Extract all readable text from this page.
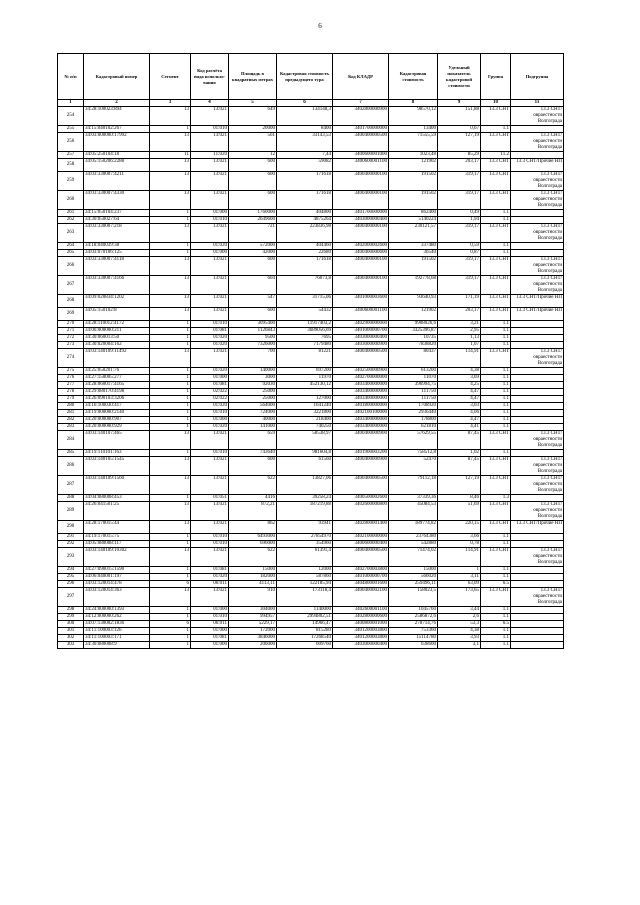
6
№ п/п	Кадастровый номер	Сегмент	Код расчёта вида использо-вания	Площадь в квадратных метрах	Кадастровая стоимость предыдущего тура	Код КЛАДР	Кадастровая стоимость	Удельный показатель кадастровой стоимости	Группа	Подгруппа
1	2	3	4	5	6	7	8	9	10	11
254	34:28:100023:894	13	13:021	649	134148,3	3402800000900	98570,12	151,88	13.3 СНТ	13.3 СНТ/овраестности Волгограда
255	34:15:040102:267	1	01:010	20000	8400	3401700000000	13400	0,67	1.1	
256	34:03:000000:17992	13	13:021	561	33143,53	3400400000500	71555,59	127,19	13.3 СНТ	13.3 СНТ/овраестности Волгограда
257	34:05:250104:18	11	11:020	12	7,44	3400600001000	1023,48	85,29	11.2	
258	34:05:150206:2288	13	13:021	600	59082	3400600001100	121902	203,17	13.3 СНТ	13.3 СНТ/Прочие НП
259	34:03:330007:4211	13	13:021	600	171618	3400400000100	191502	319,17	13.3 СНТ	13.3 СНТ/овраестности Волгограда
260	34:03:330007:4330	13	13:021	600	171618	3400400000100	191502	319,17	13.3 СНТ	13.3 СНТ/овраестности Волгограда
261	34:15:050104:237	1	01:000	1760000	404800	3401700000000	862400	0,49	1.1	
262	34:30:050027:64	1	01:010	2649600	4875264	3403000000400	5140224	1,94	1.1	
263	34:03:330007:218	13	13:021	721	223836,98	3400400000100	230121,57	319,17	13.3 СНТ	13.3 СНТ/овраестности Волгограда
264	34:18:040039:38	1	01:020	572000	404460	3402000002600	337480	0,59	1.1	
265	34:03:070106:125	1	01:000	42000	22680	3400400000600	36540	0,87	1.1	
266	34:03:330007:4118	13	13:021	600	171618	3400400000100	191502	319,17	13.3 СНТ	13.3 СНТ/овраестности Волгограда
267	34:03:330007:4166	13	13:021	604	76073,8	3400400000100	192778,68	319,17	13.3 СНТ	13.3 СНТ/овраестности Волгограда
268	34:09:020834:1202	13	13:021	547	31715,06	3401000003600	93640,93	171,19	13.3 СНТ	13.3 СНТ/Прочие НП
269	34:05:150102:8	13	13:021	600	54432	3400600001100	121902	203,17	13.3 СНТ	13.3 СНТ/Прочие НП
270	34:28:110012:4172	1	01:010	3095400	11917403,2	3402900000000	9908026,6	3,21	1.1	
271	34:06:000000:211	1	01:081	1126843	3689056,69	3401000000700	3325396,87	2,95	1.1	
272	34:30:060013:50	1	01:020	9500	7695	3403000000400	10735	1,13	1.1	
273	34:30:020004:162	1	01:020	7326000	7179480	3403000000900	7838820	1,07	1.1	
274	34:03:140109:11492	13	13:021	700	81221	3400400000500	80437	114,91	13.3 СНТ	13.3 СНТ/овраестности Волгограда
275	34:25:050201:76	1	01:020	140000	697200	3402500000900	613200	4,38	1.1	
276	34:27:150005:277	1	01:000	3000	11970	3402700000000	11070	3,69	1.1	
277	34:28:060017:4165	1	01:081	92030	452130,12	3403400000000	396994,75	4,25	1.1	
278	34:29:080170:4198	1	02:022	25000		3403400000000	111750	4,47	1.1	
279	34:26:090103:3206	1	02:022	25000	127000	3403400000000	111750	4,47	1.1	
280	34:16:100030:417	1	01:020	564000	1641240	3401800000000	1708920	3,03	1.1	
281	34:19:000000:2140	1	01:010	724000	3221800	3402100100000	2936440	4,06	1.1	
282	34:20:000000:907	1	01:000	40000	218400	3403400000000	178800	4,47	1.1	
283	34:20:000000:929	1	01:020	141000	740250	3403400000000	621810	4,41	1.1	
284	34:03:140107:465	13	13:021	659	58538,97	3400400000900	57629,55	87,45	13.3 СНТ	13.3 СНТ/овраестности Волгограда
285	34:19:110101:163	1	01:010	743640	981604,8	3401900003200	758512,8	1,02	1.1	
286	34:03:140105:1545	13	13:021	600	61560	3400400000900	52470	87,45	13.3 СНТ	13.3 СНТ/овраестности Волгограда
287	34:03:140109:1560	13	13:021	622	13827,06	3400400000500	79112,18	127,19	13.3 СНТ	13.3 СНТ/овраестности Волгограда
288	34:04:080008:453	1	01:051	4416	39258,24	3400500002600	37339,36	8,46	1.3	
289	34:26:041501:25	13	13:021	872,21	187219,88	3402600000800	45084,53	51,69	13.3 СНТ	13.3 СНТ/овраестности Волгограда
290	34:28:170015:44	13	13:021	862	93941	3402800001400	189774,82	220,15	13.3 СНТ	13.3 СНТ/Прочие НП
291	34:19:170015:75	1	01:010	6493000	27854970	3402100000000	23764380	3,66	1.1	
292	34:05:080008:117	1	01:010	696000	354960	3400600000400	542880	0,78	1.1	
293	34:03:140109:10302	13	13:021	622	61391,4	3400400000500	71474,02	114,91	13.3 СНТ	13.3 СНТ/овраестности Волгограда
294	34:27:090015:1590	1	01:081	15000	12000	3402700003800	15000	1	1.1	
295	34:06:040001:197	1	01:020	182000	587860	3401000000700	566020	3,11	1.1	
296	34:03:120014:478	6	06:011	4113,11	122185,94	3404800001600	259496,11	63,09	6.5	
297	34:03:120014:363	13	13:021	910	173118,4	3400400002100	158023,5	173,65	13.3 СНТ	13.3 СНТ/овраестности Волгограда
298	34:24:000000:1393	1	01:000	304000	1140000	3402600001100	1045760	3,44	1.1	
299	34:12:000000:262	1	01:010	994957	2994802,51	3402800000600	2586872,6	2,6	1.1	
300	34:07:130002:1836	6	06:011	5229,17	14966,47	3400800001000	278714,76	53,3	6.5	
301	34:11:100003:126	1	01:000	172000	815280	3401200003800	753360	4,38	1.1	
302	34:11:100003:171	1	01:081	3846000	17268540	3401200003800	15114780	3,93	1.1	
303	34:30:080008:9	1	01:000	206000	609760	3403000000400	638600	3,1	1.1	
